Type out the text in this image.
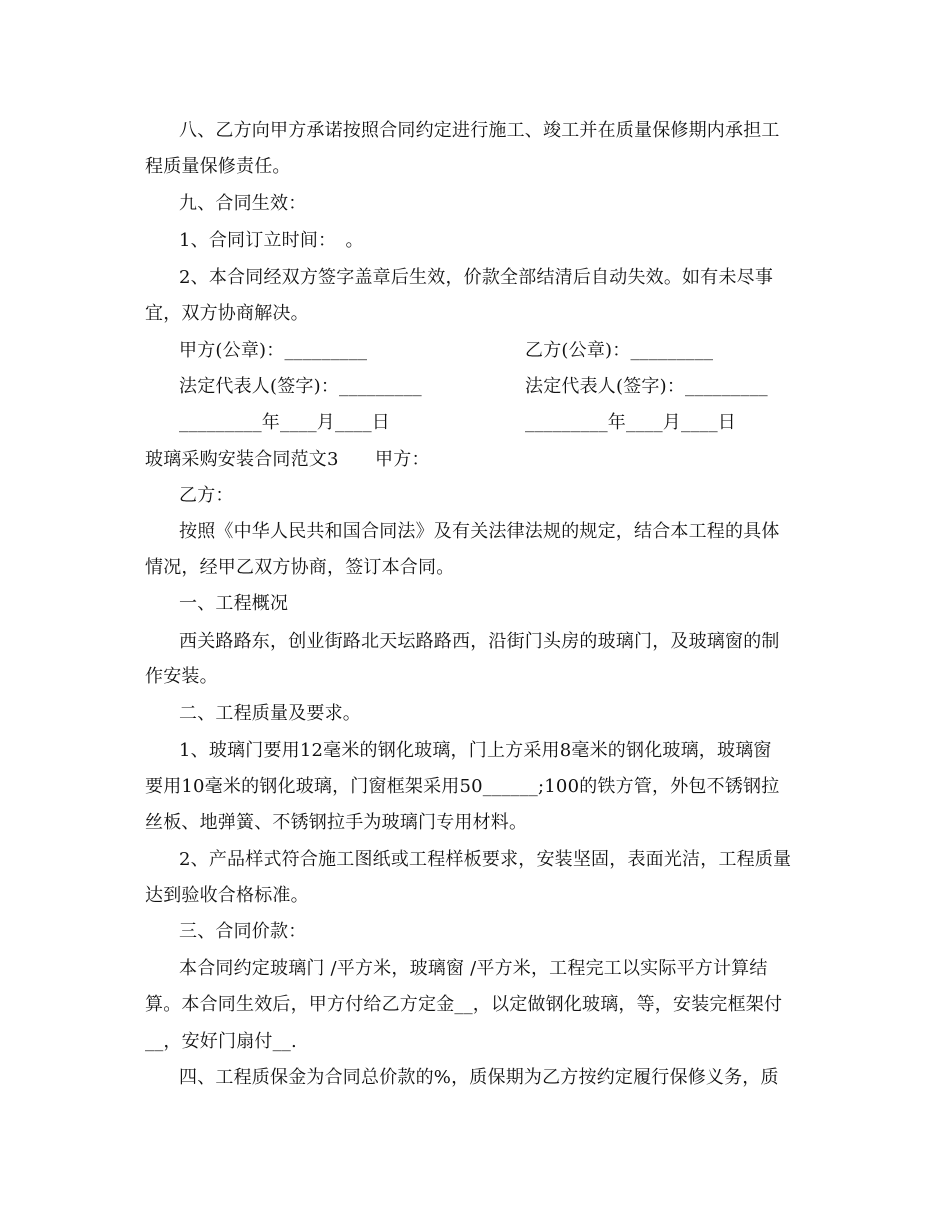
八、乙方向甲方承诺按照合同约定进行施工、竣工并在质量保修期内承担工
程质量保修责任。
九、合同生效：
1、合同订立时间：　。
2、本合同经双方签字盖章后生效，价款全部结清后自动失效。如有未尽事
宜，双方协商解决。
甲方(公章)：_________	乙方(公章)：_________
法定代表人(签字)：_________	法定代表人(签字)：_________
_________年____月____日	_________年____月____日
玻璃采购安装合同范文3　　甲方：
乙方：
按照《中华人民共和国合同法》及有关法律法规的规定，结合本工程的具体
情况，经甲乙双方协商，签订本合同。
一、工程概况
西关路路东，创业街路北天坛路路西，沿街门头房的玻璃门，及玻璃窗的制
作安装。
二、工程质量及要求。
1、玻璃门要用12毫米的钢化玻璃，门上方采用8毫米的钢化玻璃，玻璃窗
要用10毫米的钢化玻璃，门窗框架采用50______;100的铁方管，外包不锈钢拉
丝板、地弹簧、不锈钢拉手为玻璃门专用材料。
2、产品样式符合施工图纸或工程样板要求，安装坚固，表面光洁，工程质量
达到验收合格标准。
三、合同价款：
本合同约定玻璃门 /平方米，玻璃窗 /平方米，工程完工以实际平方计算结
算。本合同生效后，甲方付给乙方定金__，以定做钢化玻璃，等，安装完框架付
__，安好门扇付__.
四、工程质保金为合同总价款的%，质保期为乙方按约定履行保修义务，质
